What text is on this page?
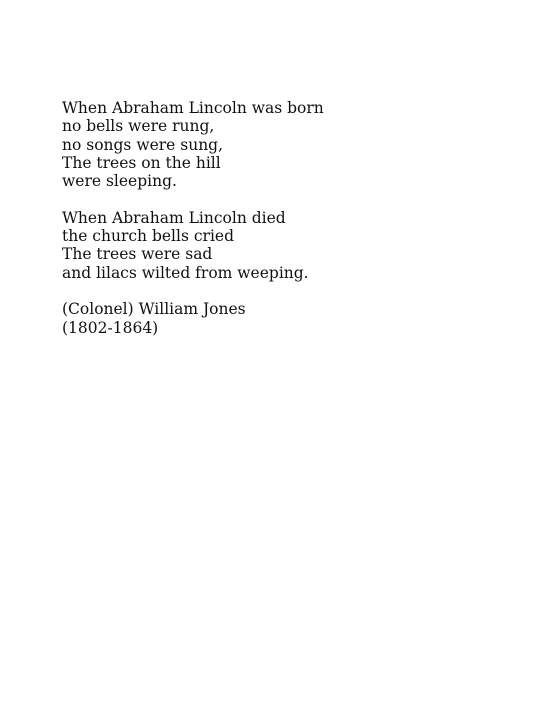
When Abraham Lincoln was born
no bells were rung,
no songs were sung,
The trees on the hill
were sleeping.

When Abraham Lincoln died
the church bells cried
The trees were sad
and lilacs wilted from weeping.

(Colonel) William Jones
(1802-1864)
